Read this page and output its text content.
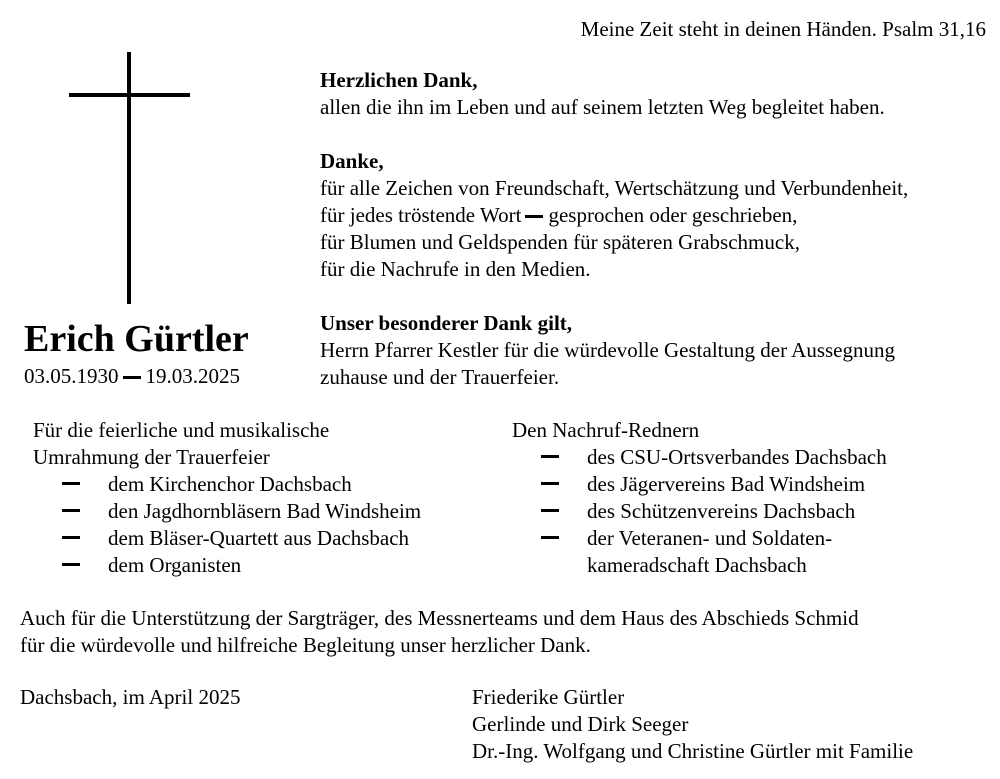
Meine Zeit steht in deinen Händen. Psalm 31,16
Erich Gürtler
03.05.1930 19.03.2025

Herzlichen Dank,
allen die ihn im Leben und auf seinem letzten Weg begleitet haben.

Danke,
für alle Zeichen von Freundschaft, Wertschätzung und Verbundenheit,
für jedes tröstende Wort gesprochen oder geschrieben,
für Blumen und Geldspenden für späteren Grabschmuck,
für die Nachrufe in den Medien.

Unser besonderer Dank gilt,
Herrn Pfarrer Kestler für die würdevolle Gestaltung der Aussegnung
zuhause und der Trauerfeier.

Für die feierliche und musikalische
Umrahmung der Trauerfeier
dem Kirchenchor Dachsbach
den Jagdhornbläsern Bad Windsheim
dem Bläser-Quartett aus Dachsbach
dem Organisten
Den Nachruf-Rednern
des CSU-Ortsverbandes Dachsbach
des Jägervereins Bad Windsheim
des Schützenvereins Dachsbach
der Veteranen- und Soldaten-
kameradschaft Dachsbach
Auch für die Unterstützung der Sargträger, des Messnerteams und dem Haus des Abschieds Schmid
für die würdevolle und hilfreiche Begleitung unser herzlicher Dank.
Dachsbach, im April 2025	Friederike Gürtler
Gerlinde und Dirk Seeger
Dr.-Ing. Wolfgang und Christine Gürtler mit Familie
